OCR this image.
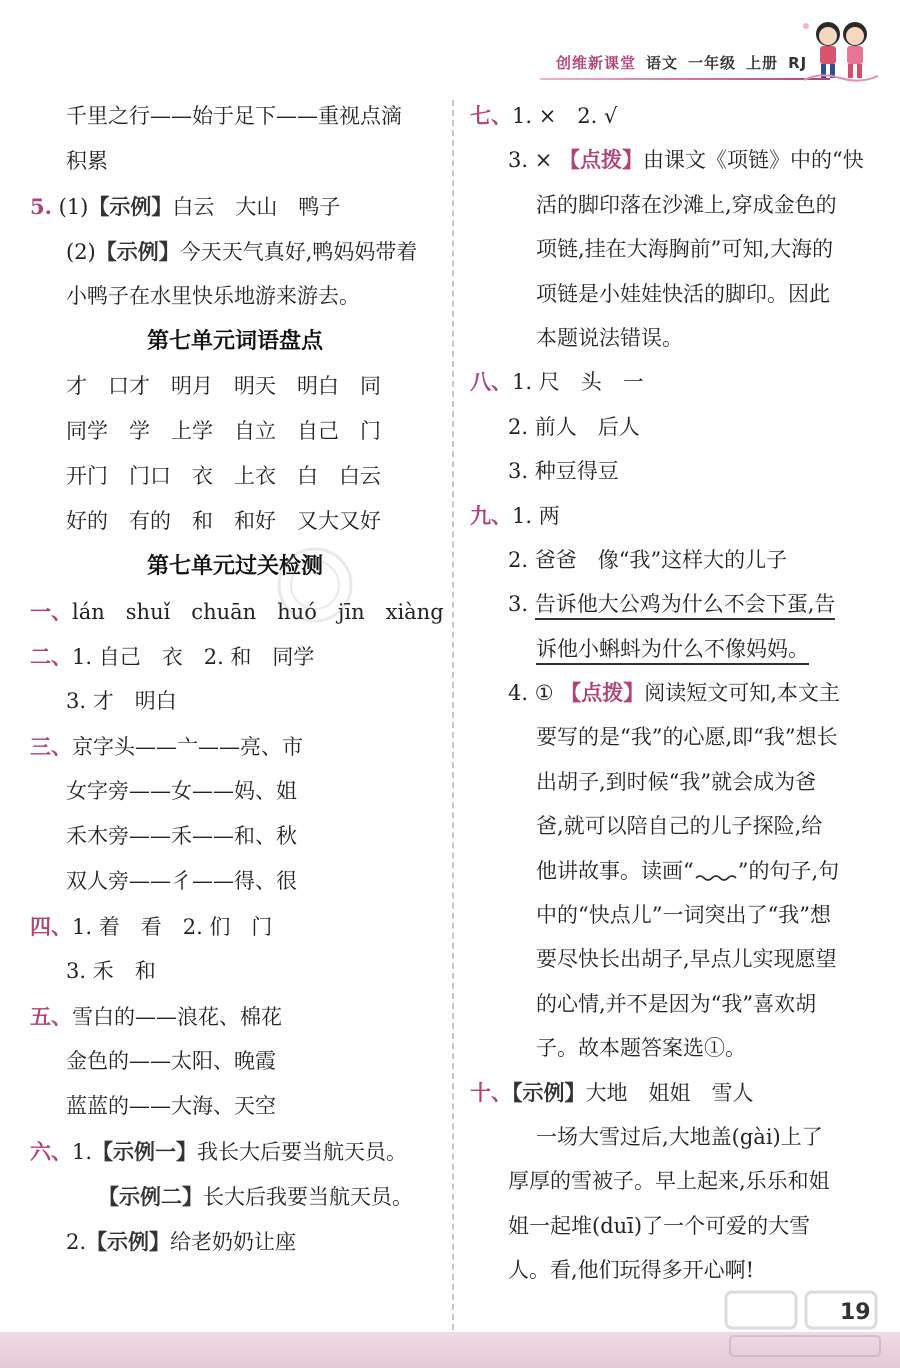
创维新课堂 语文 一年级 上册 RJ
千里之行——始于足下——重视点滴
积累
5. (1)【示例】白云　大山　鸭子
(2)【示例】今天天气真好,鸭妈妈带着
小鸭子在水里快乐地游来游去。
第七单元词语盘点
才　口才　明月　明天　明白　同
同学　学　上学　自立　自己　门
开门　门口　衣　上衣　白　白云
好的　有的　和　和好　又大又好
第七单元过关检测
一、lán　shuǐ　chuān　huó　jīn　xiàng
二、1. 自己　衣　2. 和　同学
3. 才　明白
三、京字头——亠——亮、市
女字旁——女——妈、姐
禾木旁——禾——和、秋
双人旁——彳——得、很
四、1. 着　看　2. 们　门
3. 禾　和
五、雪白的——浪花、棉花
金色的——太阳、晚霞
蓝蓝的——大海、天空
六、1.【示例一】我长大后要当航天员。
【示例二】长大后我要当航天员。
2.【示例】给老奶奶让座
七、1. ×　2. √
3. × 【点拨】由课文《项链》中的“快
活的脚印落在沙滩上,穿成金色的
项链,挂在大海胸前”可知,大海的
项链是小娃娃快活的脚印。因此
本题说法错误。
八、1. 尺　头　一
2. 前人　后人
3. 种豆得豆
九、1. 两
2. 爸爸　像“我”这样大的儿子
3. 告诉他大公鸡为什么不会下蛋,告
诉他小蝌蚪为什么不像妈妈。
4. ① 【点拨】阅读短文可知,本文主
要写的是“我”的心愿,即“我”想长
出胡子,到时候“我”就会成为爸
爸,就可以陪自己的儿子探险,给
他讲故事。读画“ ”的句子,句
中的“快点儿”一词突出了“我”想
要尽快长出胡子,早点儿实现愿望
的心情,并不是因为“我”喜欢胡
子。故本题答案选①。
十、【示例】大地　姐姐　雪人
一场大雪过后,大地盖(gài)上了
厚厚的雪被子。早上起来,乐乐和姐
姐一起堆(duī)了一个可爱的大雪
人。看,他们玩得多开心啊!
19
